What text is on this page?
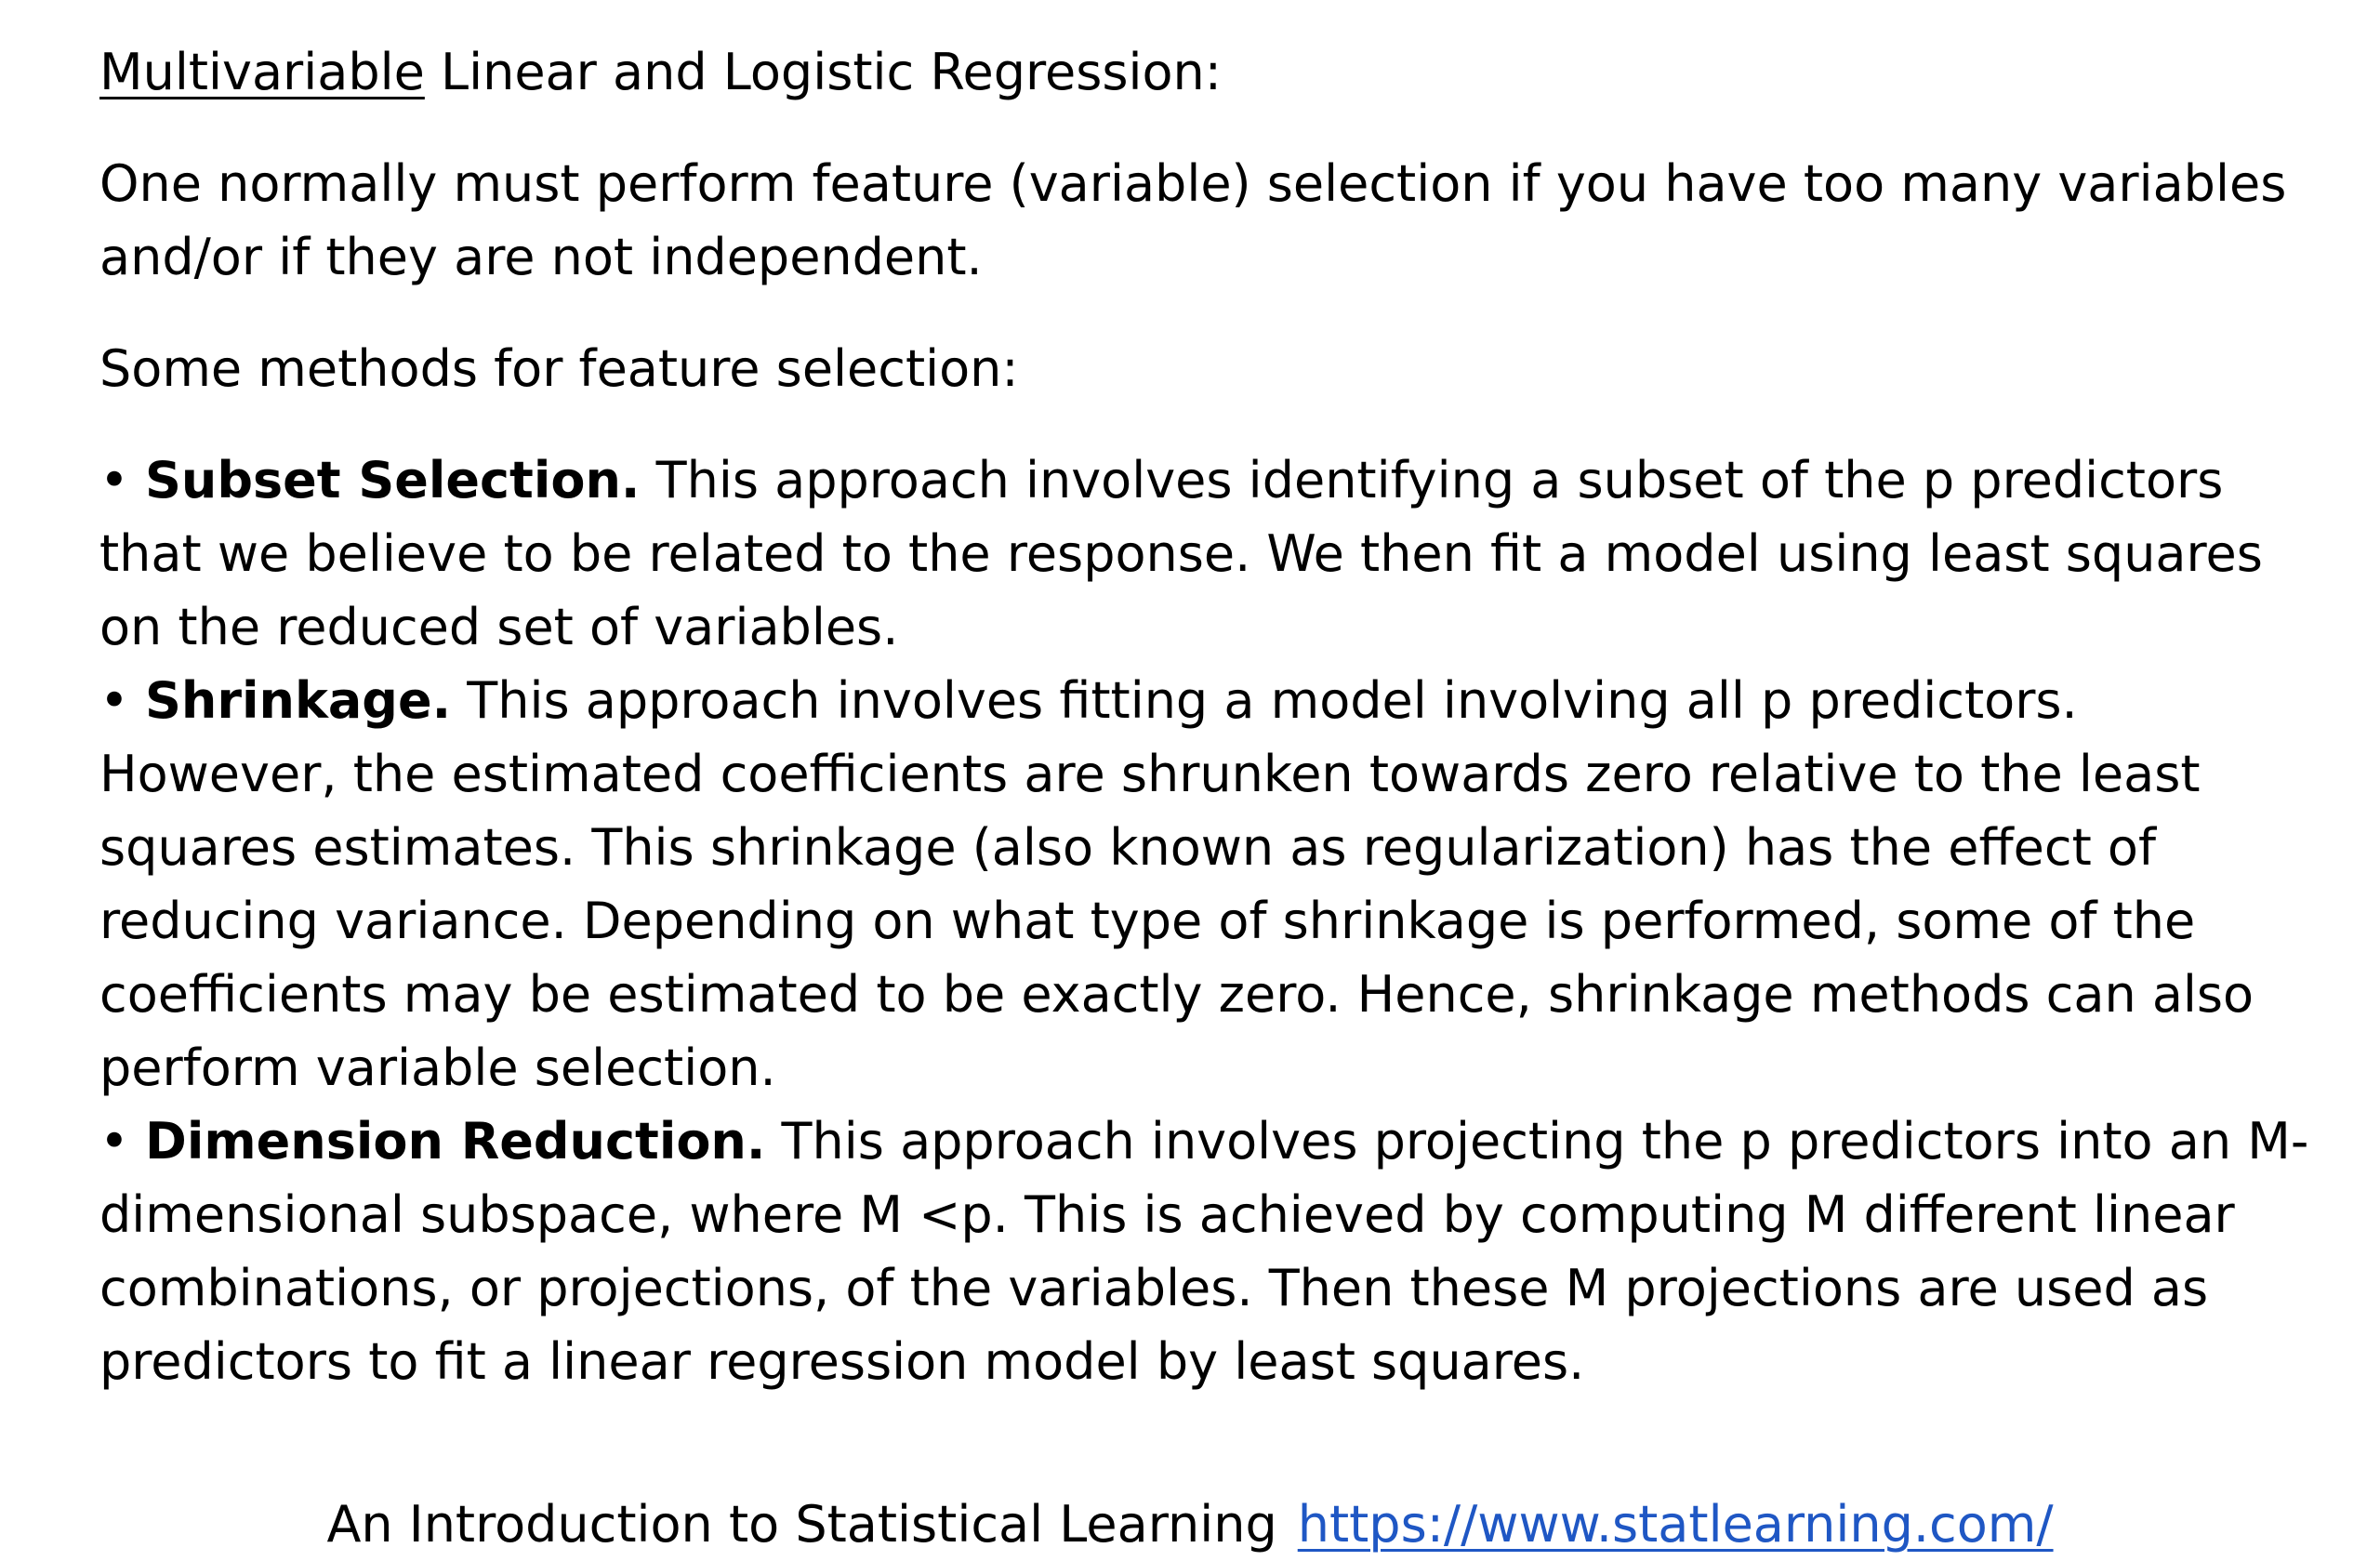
Multivariable Linear and Logistic Regression:

One normally must perform feature (variable) selection if you have too many variables and/or if they are not independent.

Some methods for feature selection:

• Subset Selection. This approach involves identifying a subset of the p predictors that we believe to be related to the response. We then fit a model using least squares on the reduced set of variables.
• Shrinkage. This approach involves fitting a model involving all p predictors. However, the estimated coefficients are shrunken towards zero relative to the least squares estimates. This shrinkage (also known as regularization) has the effect of reducing variance. Depending on what type of shrinkage is performed, some of the coefficients may be estimated to be exactly zero. Hence, shrinkage methods can also perform variable selection.
• Dimension Reduction. This approach involves projecting the p predictors into an M-dimensional subspace, where M <p. This is achieved by computing M different linear combinations, or projections, of the variables. Then these M projections are used as predictors to fit a linear regression model by least squares.
An Introduction to Statistical Learning https://www.statlearning.com/
